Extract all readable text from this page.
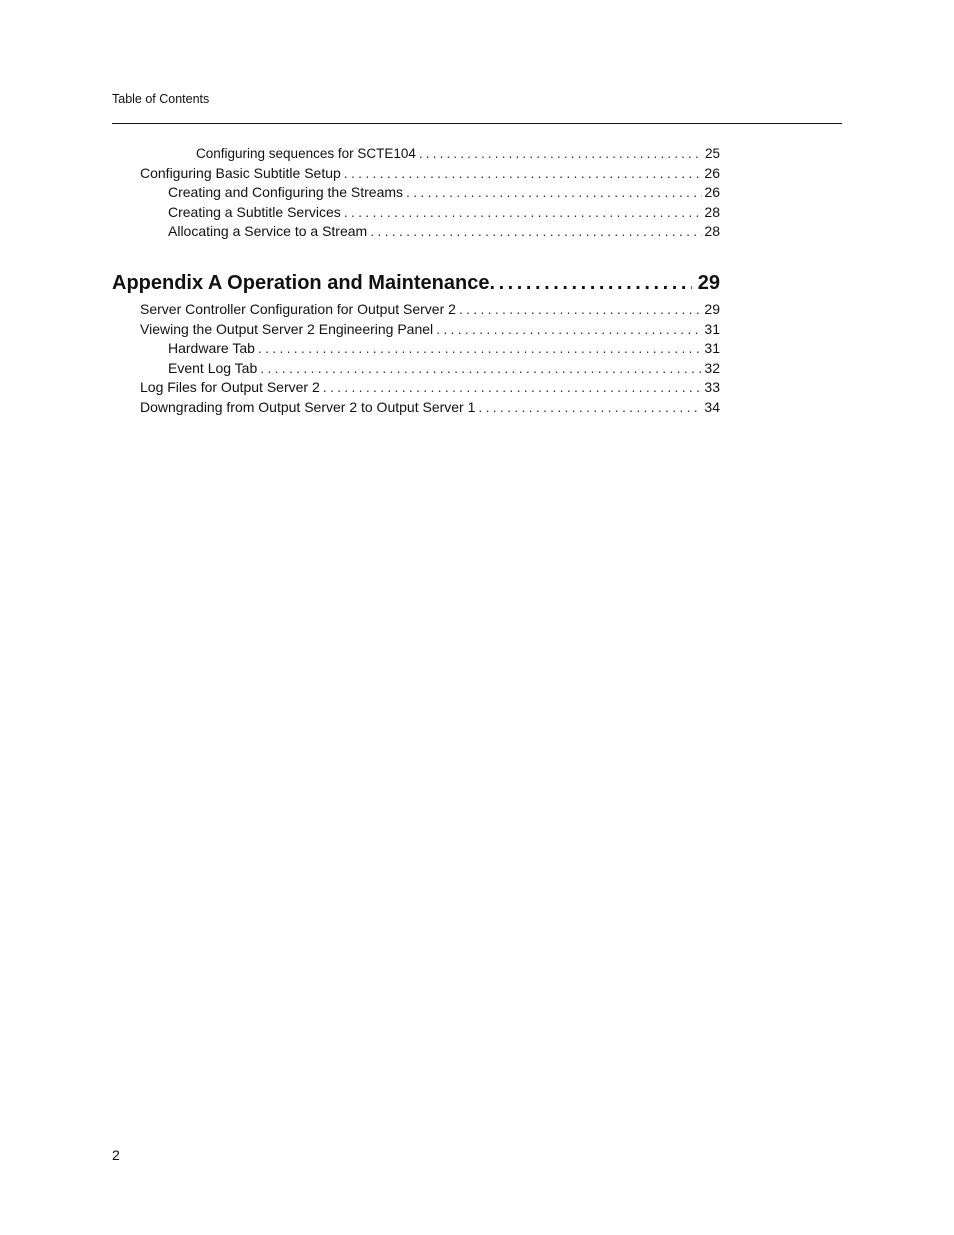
Table of Contents
Configuring sequences for SCTE104 . . .	25
Configuring Basic Subtitle Setup . . .	26
Creating and Configuring the Streams . . .	26
Creating a Subtitle Services . . .	28
Allocating a Service to a Stream . . .	28
Appendix A Operation and Maintenance . . .	29
Server Controller Configuration for Output Server 2 . . .	29
Viewing the Output Server 2 Engineering Panel . . .	31
Hardware Tab . . .	31
Event Log Tab . . .	32
Log Files for Output Server 2 . . .	33
Downgrading from Output Server 2 to Output Server 1 . . .	34
2
